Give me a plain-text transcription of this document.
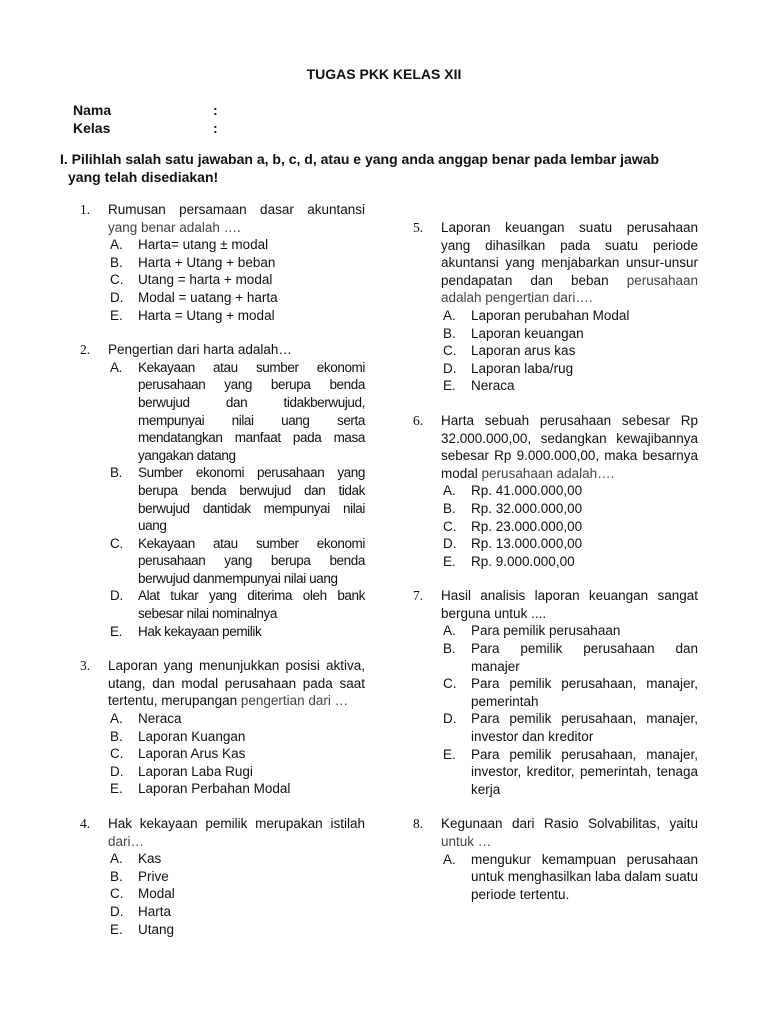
TUGAS PKK KELAS XII
Nama	:
Kelas	:
I. Pilihlah salah satu jawaban a, b, c, d, atau e yang anda anggap benar pada lembar jawab
yang telah disediakan!
1. Rumusan persamaan dasar akuntansi yang benar adalah ….
A. Harta= utang ± modal
B. Harta + Utang + beban
C. Utang = harta + modal
D. Modal = uatang + harta
E. Harta = Utang + modal
2. Pengertian dari harta adalah…
A. Kekayaan atau sumber ekonomi perusahaan yang berupa benda berwujud dan tidakberwujud, mempunyai nilai uang serta mendatangkan manfaat pada masa yangakan datang
B. Sumber ekonomi perusahaan yang berupa benda berwujud dan tidak berwujud dantidak mempunyai nilai uang
C. Kekayaan atau sumber ekonomi perusahaan yang berupa benda berwujud danmempunyai nilai uang
D. Alat tukar yang diterima oleh bank sebesar nilai nominalnya
E. Hak kekayaan pemilik
3. Laporan yang menunjukkan posisi aktiva, utang, dan modal perusahaan pada saat tertentu, merupangan pengertian dari …
A. Neraca
B. Laporan Kuangan
C. Laporan Arus Kas
D. Laporan Laba Rugi
E. Laporan Perbahan Modal
4. Hak kekayaan pemilik merupakan istilah dari…
A. Kas
B. Prive
C. Modal
D. Harta
E. Utang
5. Laporan keuangan suatu perusahaan yang dihasilkan pada suatu periode akuntansi yang menjabarkan unsur-unsur pendapatan dan beban perusahaan adalah pengertian dari….
A. Laporan perubahan Modal
B. Laporan keuangan
C. Laporan arus kas
D. Laporan laba/rug
E. Neraca
6. Harta sebuah perusahaan sebesar Rp 32.000.000,00, sedangkan kewajibannya sebesar Rp 9.000.000,00, maka besarnya modal perusahaan adalah….
A. Rp. 41.000.000,00
B. Rp. 32.000.000,00
C. Rp. 23.000.000,00
D. Rp. 13.000.000,00
E. Rp. 9.000.000,00
7. Hasil analisis laporan keuangan sangat berguna untuk ....
A. Para pemilik perusahaan
B. Para pemilik perusahaan dan manajer
C. Para pemilik perusahaan, manajer, pemerintah
D. Para pemilik perusahaan, manajer, investor dan kreditor
E. Para pemilik perusahaan, manajer, investor, kreditor, pemerintah, tenaga kerja
8. Kegunaan dari Rasio Solvabilitas, yaitu untuk …
A. mengukur kemampuan perusahaan untuk menghasilkan laba dalam suatu periode tertentu.
